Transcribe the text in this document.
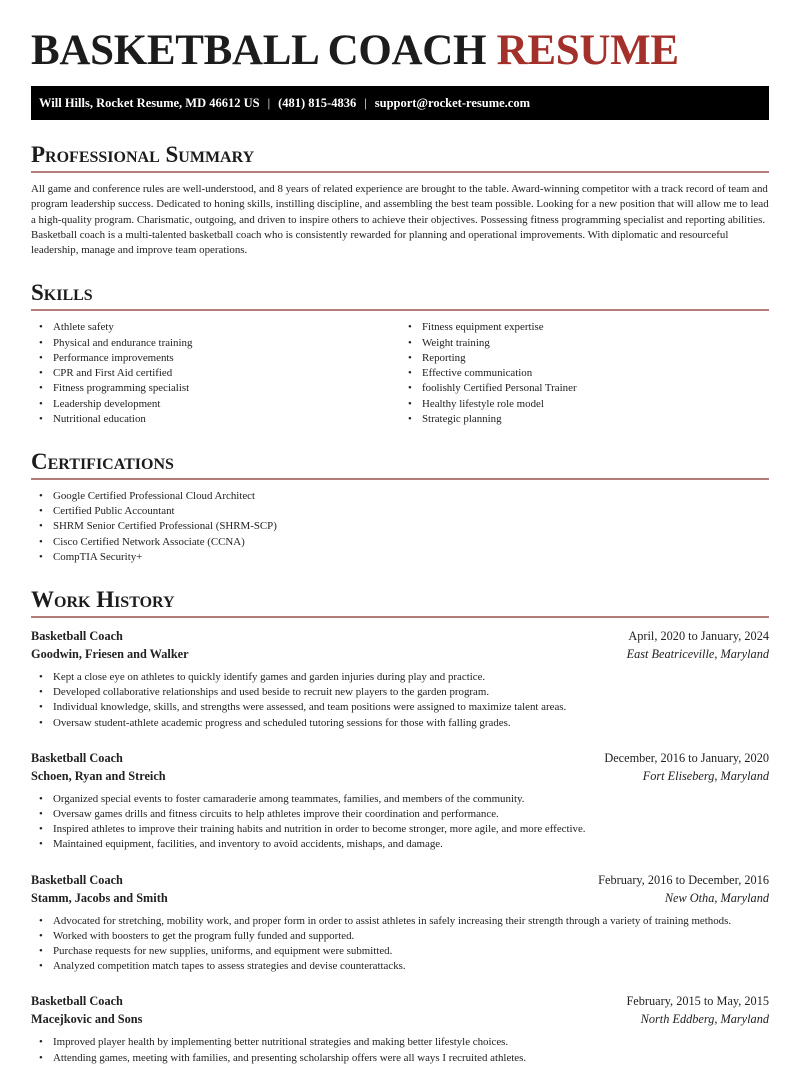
BASKETBALL COACH RESUME
Will Hills, Rocket Resume, MD 46612 US | (481) 815-4836 | support@rocket-resume.com
Professional Summary

All game and conference rules are well-understood, and 8 years of related experience are brought to the table. Award-winning competitor with a track record of team and program leadership success. Dedicated to honing skills, instilling discipline, and assembling the best team possible. Looking for a new position that will allow me to lead a high-quality program. Charismatic, outgoing, and driven to inspire others to achieve their objectives. Possessing fitness programming specialist and reporting abilities. Basketball coach is a multi-talented basketball coach who is consistently rewarded for planning and operational improvements. With diplomatic and resourceful leadership, manage and improve team operations.

Skills
• Athlete safety
• Physical and endurance training
• Performance improvements
• CPR and First Aid certified
• Fitness programming specialist
• Leadership development
• Nutritional education
• Fitness equipment expertise
• Weight training
• Reporting
• Effective communication
• foolishly Certified Personal Trainer
• Healthy lifestyle role model
• Strategic planning
Certifications
• Google Certified Professional Cloud Architect
• Certified Public Accountant
• SHRM Senior Certified Professional (SHRM-SCP)
• Cisco Certified Network Associate (CCNA)
• CompTIA Security+
Work History
Basketball Coach	April, 2020 to January, 2024
Goodwin, Friesen and Walker	East Beatriceville, Maryland
• Kept a close eye on athletes to quickly identify games and garden injuries during play and practice.
• Developed collaborative relationships and used beside to recruit new players to the garden program.
• Individual knowledge, skills, and strengths were assessed, and team positions were assigned to maximize talent areas.
• Oversaw student-athlete academic progress and scheduled tutoring sessions for those with falling grades.
Basketball Coach	December, 2016 to January, 2020
Schoen, Ryan and Streich	Fort Eliseberg, Maryland
• Organized special events to foster camaraderie among teammates, families, and members of the community.
• Oversaw games drills and fitness circuits to help athletes improve their coordination and performance.
• Inspired athletes to improve their training habits and nutrition in order to become stronger, more agile, and more effective.
• Maintained equipment, facilities, and inventory to avoid accidents, mishaps, and damage.
Basketball Coach	February, 2016 to December, 2016
Stamm, Jacobs and Smith	New Otha, Maryland
• Advocated for stretching, mobility work, and proper form in order to assist athletes in safely increasing their strength through a variety of training methods.
• Worked with boosters to get the program fully funded and supported.
• Purchase requests for new supplies, uniforms, and equipment were submitted.
• Analyzed competition match tapes to assess strategies and devise counterattacks.
Basketball Coach	February, 2015 to May, 2015
Macejkovic and Sons	North Eddberg, Maryland
• Improved player health by implementing better nutritional strategies and making better lifestyle choices.
• Attending games, meeting with families, and presenting scholarship offers were all ways I recruited athletes.
